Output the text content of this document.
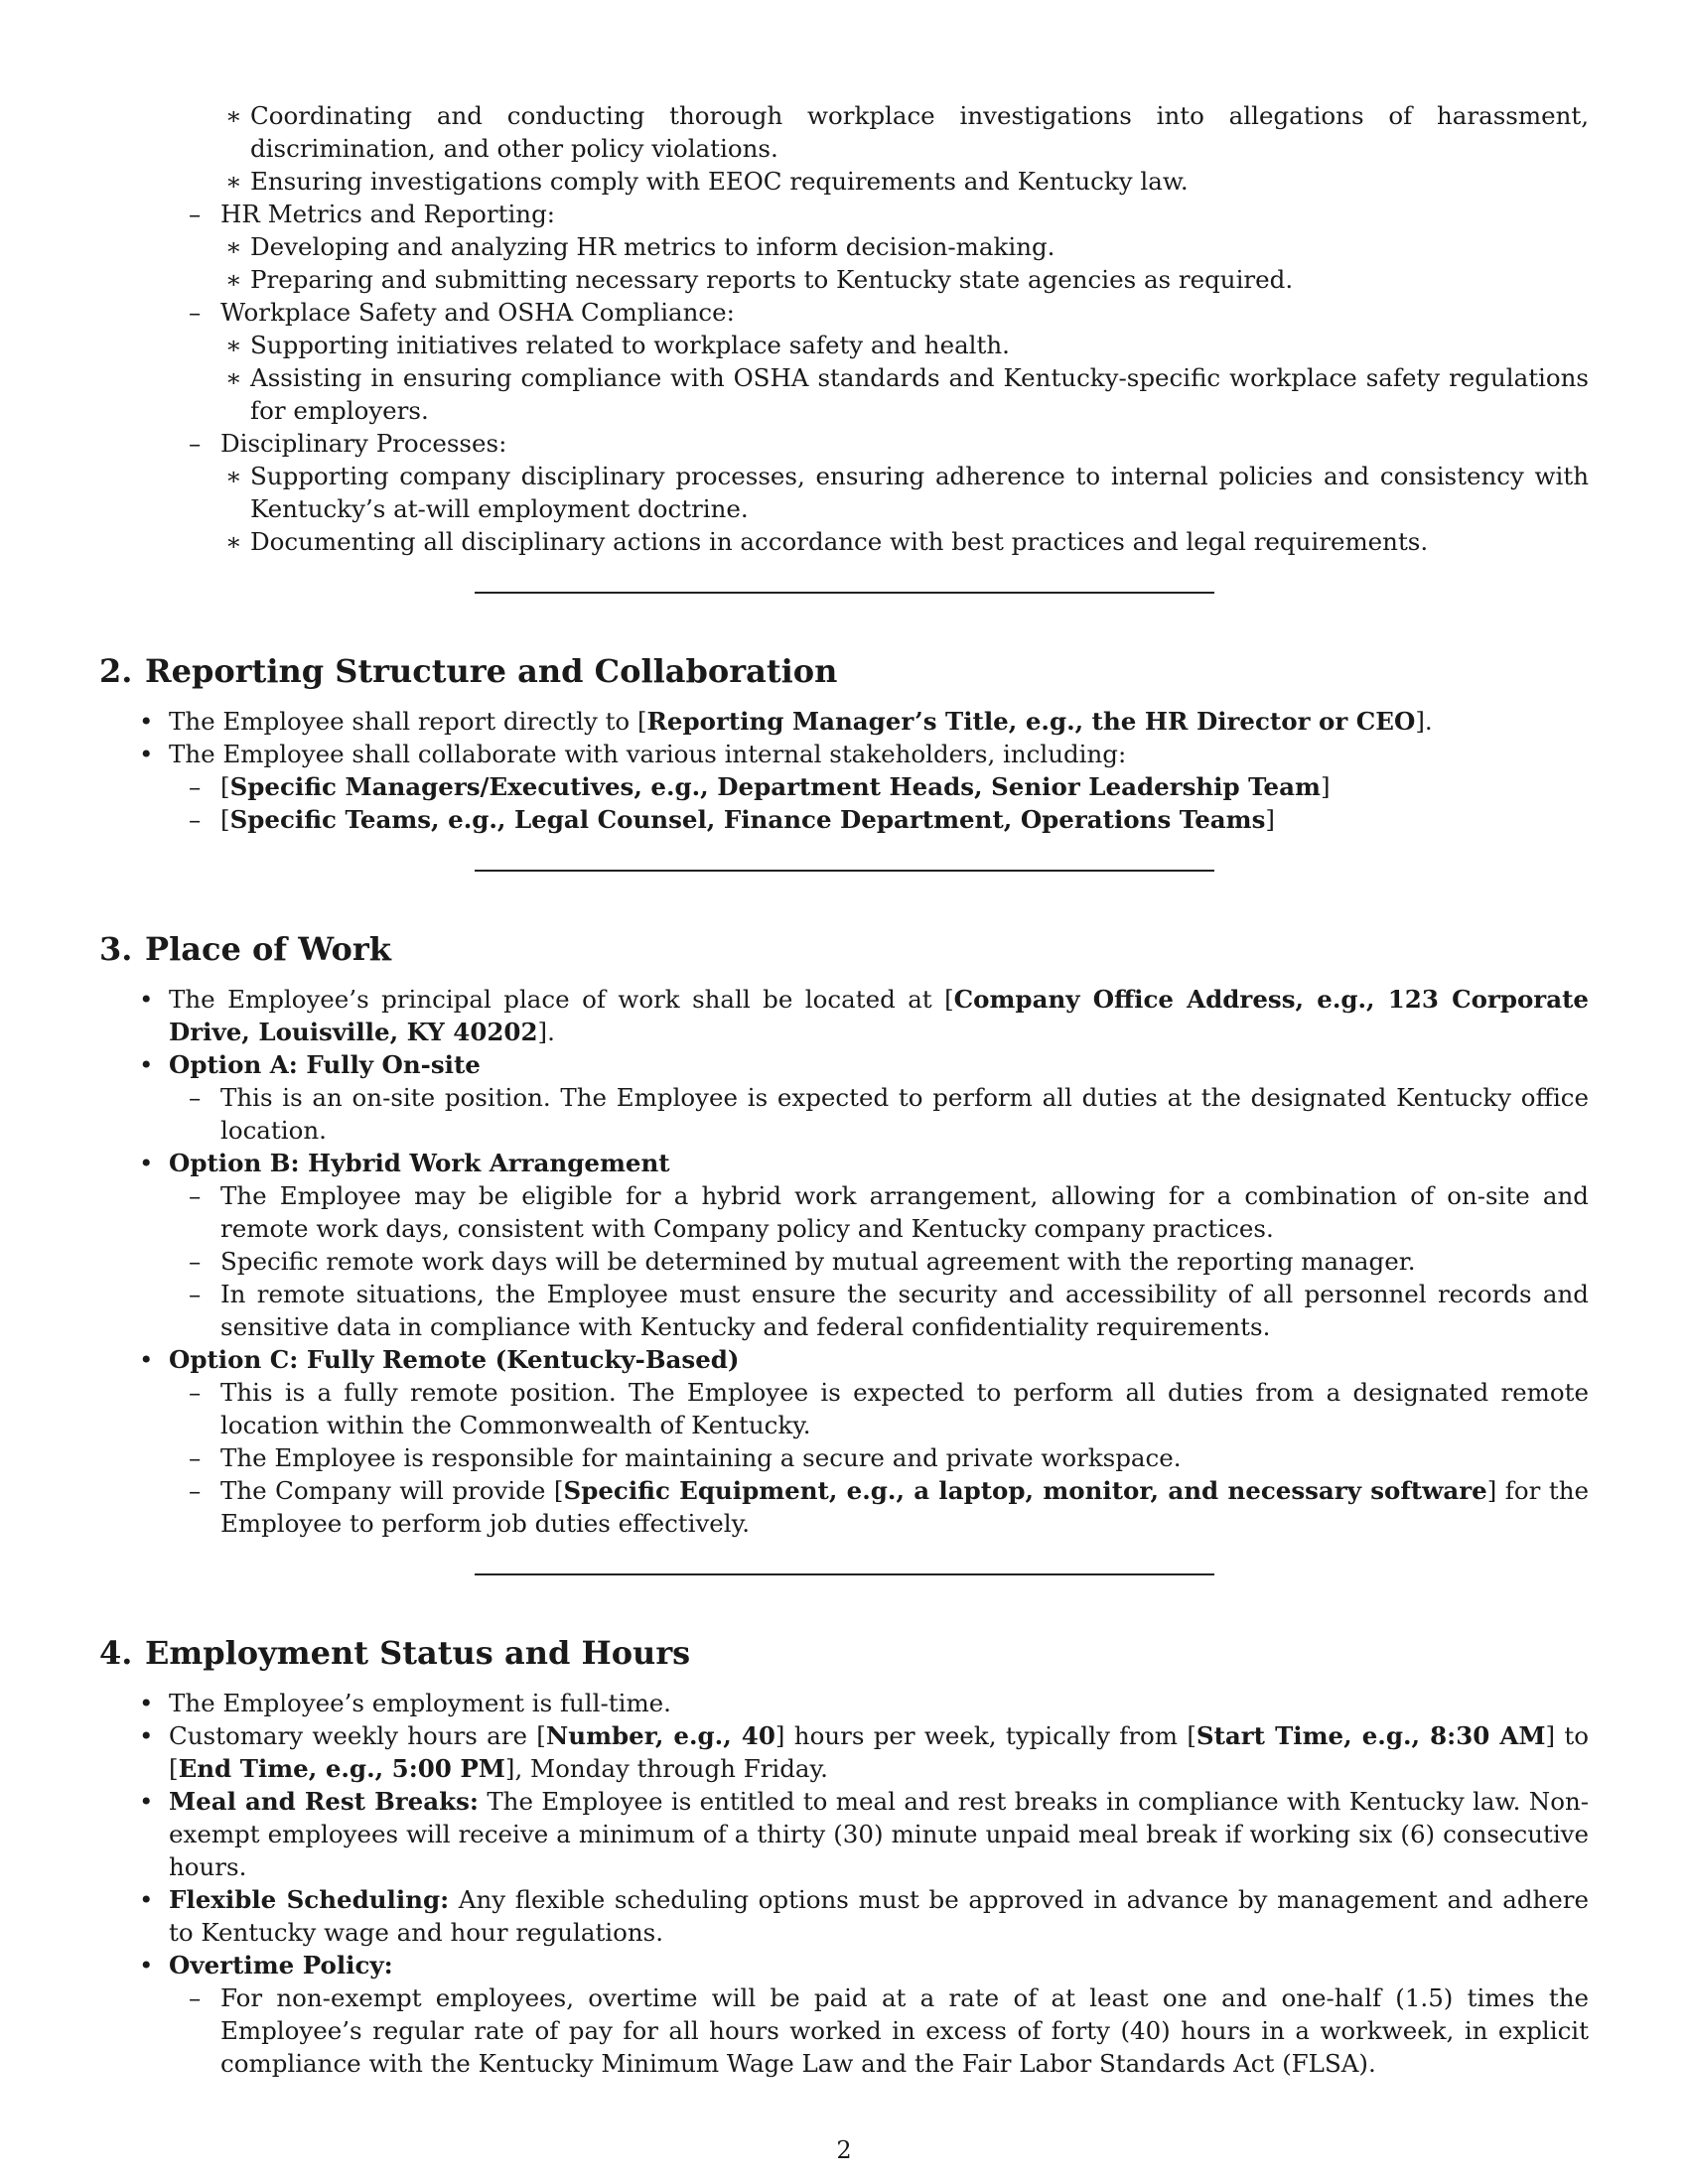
∗ Coordinating and conducting thorough workplace investigations into allegations of harassment, discrimination, and other policy violations.
∗ Ensuring investigations comply with EEOC requirements and Kentucky law.
– HR Metrics and Reporting:
∗ Developing and analyzing HR metrics to inform decision-making.
∗ Preparing and submitting necessary reports to Kentucky state agencies as required.
– Workplace Safety and OSHA Compliance:
∗ Supporting initiatives related to workplace safety and health.
∗ Assisting in ensuring compliance with OSHA standards and Kentucky-specific workplace safety regulations for employers.
– Disciplinary Processes:
∗ Supporting company disciplinary processes, ensuring adherence to internal policies and consistency with Kentucky’s at-will employment doctrine.
∗ Documenting all disciplinary actions in accordance with best practices and legal requirements.
2. Reporting Structure and Collaboration
• The Employee shall report directly to [Reporting Manager’s Title, e.g., the HR Director or CEO].
• The Employee shall collaborate with various internal stakeholders, including:
– [Specific Managers/Executives, e.g., Department Heads, Senior Leadership Team]
– [Specific Teams, e.g., Legal Counsel, Finance Department, Operations Teams]
3. Place of Work
• The Employee’s principal place of work shall be located at [Company Office Address, e.g., 123 Corporate Drive, Louisville, KY 40202].
• Option A: Fully On-site
– This is an on-site position. The Employee is expected to perform all duties at the designated Kentucky office location.
• Option B: Hybrid Work Arrangement
– The Employee may be eligible for a hybrid work arrangement, allowing for a combination of on-site and remote work days, consistent with Company policy and Kentucky company practices.
– Specific remote work days will be determined by mutual agreement with the reporting manager.
– In remote situations, the Employee must ensure the security and accessibility of all personnel records and sensitive data in compliance with Kentucky and federal confidentiality requirements.
• Option C: Fully Remote (Kentucky-Based)
– This is a fully remote position. The Employee is expected to perform all duties from a designated remote location within the Commonwealth of Kentucky.
– The Employee is responsible for maintaining a secure and private workspace.
– The Company will provide [Specific Equipment, e.g., a laptop, monitor, and necessary software] for the Employee to perform job duties effectively.
4. Employment Status and Hours
• The Employee’s employment is full-time.
• Customary weekly hours are [Number, e.g., 40] hours per week, typically from [Start Time, e.g., 8:30 AM] to [End Time, e.g., 5:00 PM], Monday through Friday.
• Meal and Rest Breaks: The Employee is entitled to meal and rest breaks in compliance with Kentucky law. Non-exempt employees will receive a minimum of a thirty (30) minute unpaid meal break if working six (6) consecutive hours.
• Flexible Scheduling: Any flexible scheduling options must be approved in advance by management and adhere to Kentucky wage and hour regulations.
• Overtime Policy:
– For non-exempt employees, overtime will be paid at a rate of at least one and one-half (1.5) times the Employee’s regular rate of pay for all hours worked in excess of forty (40) hours in a workweek, in explicit compliance with the Kentucky Minimum Wage Law and the Fair Labor Standards Act (FLSA).
2
